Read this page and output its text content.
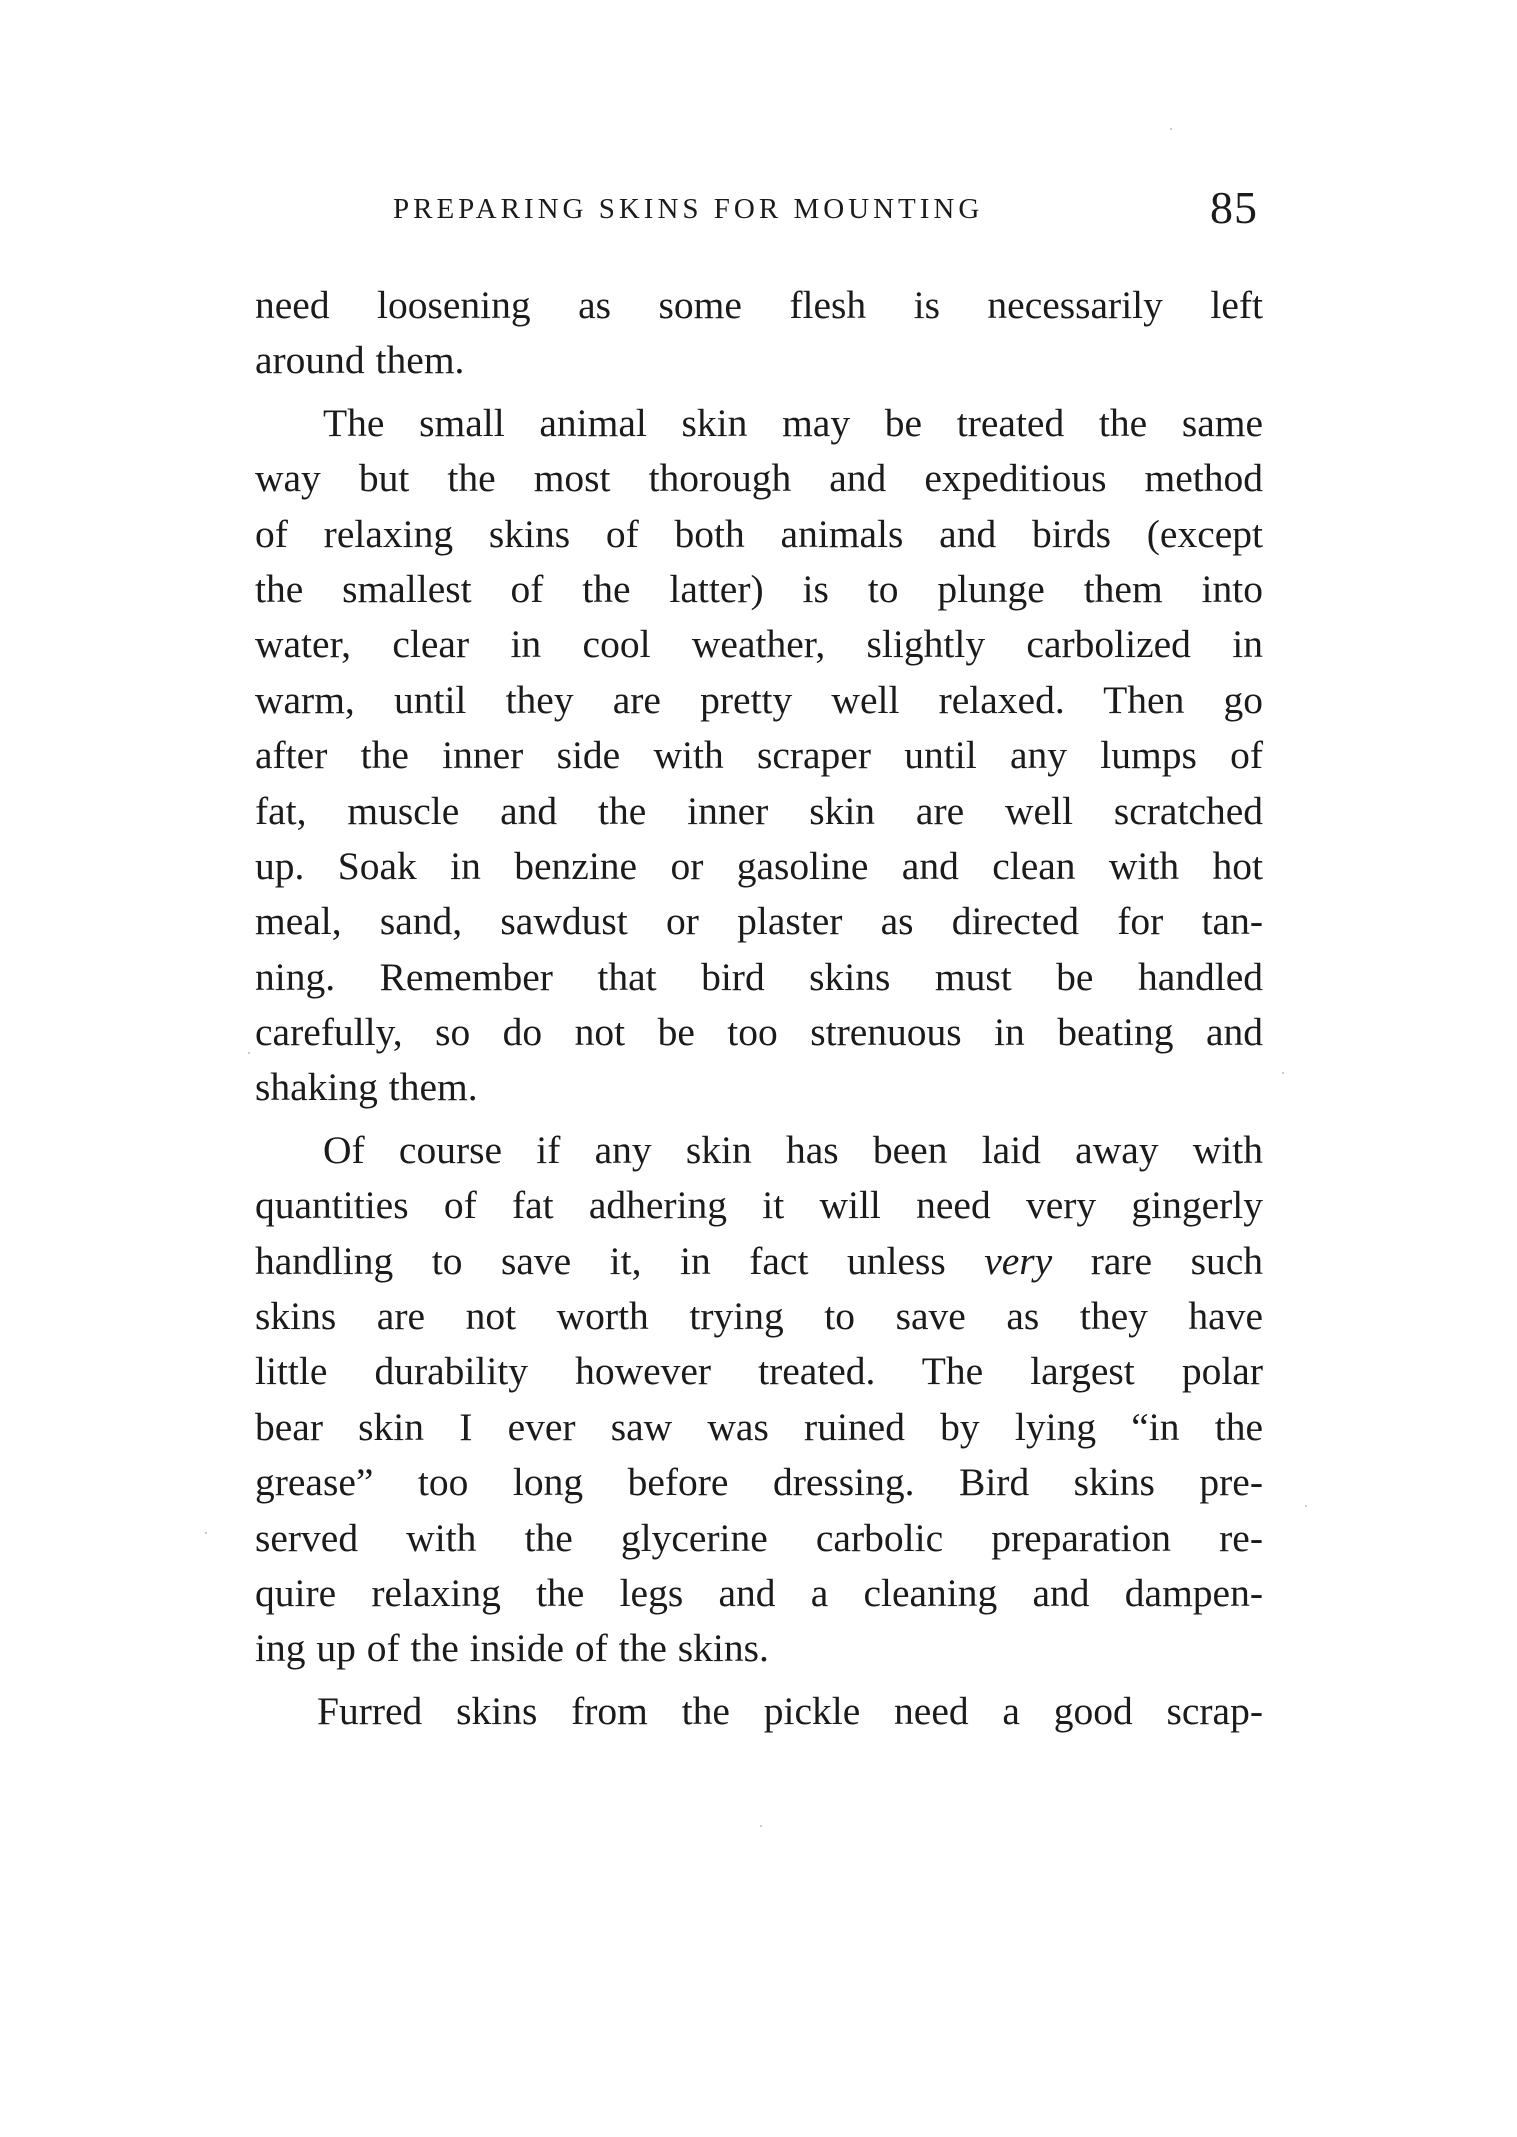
PREPARING SKINS FOR MOUNTING	85
need loosening as some flesh is necessarily left
around them.
The small animal skin may be treated the same
way but the most thorough and expeditious method
of relaxing skins of both animals and birds (except
the smallest of the latter) is to plunge them into
water, clear in cool weather, slightly carbolized in
warm, until they are pretty well relaxed. Then go
after the inner side with scraper until any lumps of
fat, muscle and the inner skin are well scratched
up. Soak in benzine or gasoline and clean with hot
meal, sand, sawdust or plaster as directed for tan-
ning. Remember that bird skins must be handled
carefully, so do not be too strenuous in beating and
shaking them.
Of course if any skin has been laid away with
quantities of fat adhering it will need very gingerly
handling to save it, in fact unless very rare such
skins are not worth trying to save as they have
little durability however treated. The largest polar
bear skin I ever saw was ruined by lying “in the
grease” too long before dressing. Bird skins pre-
served with the glycerine carbolic preparation re-
quire relaxing the legs and a cleaning and dampen-
ing up of the inside of the skins.
Furred skins from the pickle need a good scrap-
